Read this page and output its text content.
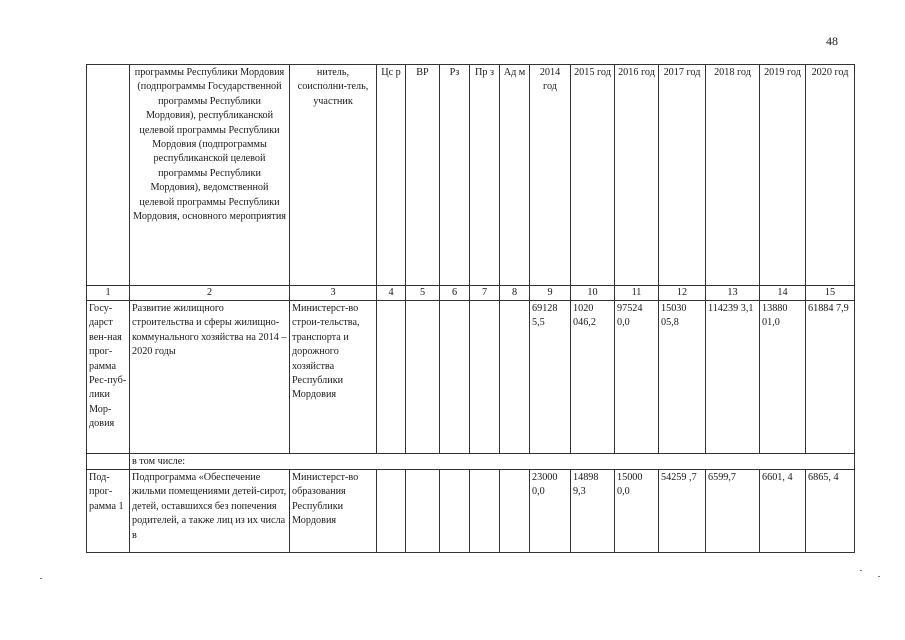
48
	программы Республики Мордовия (подпрограммы Государственной программы Республики Мордовия), республиканской целевой программы Республики Мордовия (подпрограммы республиканской целевой программы Республики Мордовия), ведомственной целевой программы Республики Мордовия, основного мероприятия	нитель, соисполни-тель, участник	Цс р	ВР	Рз	Пр з	Ад м	2014 год	2015 год	2016 год	2017 год	2018 год	2019 год	2020 год
1	2	3	4	5	6	7	8	9	10	11	12	13	14	15
Госу-дарст вен-ная прог-рамма Рес-пуб-лики Мор-довия	Развитие жилищного строительства и сферы жилищно-коммунального хозяйства на 2014 – 2020 годы	Министерст-во строи-тельства, транспорта и дорожного хозяйства Республики Мордовия						69128 5,5	1020 046,2	97524 0,0	15030 05,8	114239 3,1	13880 01,0	61884 7,9
	в том числе:													
Под-прог-рамма 1	Подпрограмма «Обеспечение жильми помещениями детей-сирот, детей, оставшихся без попечения родителей, а также лиц из их числа в	Министерст-во образования Республики Мордовия						23000 0,0	14898 9,3	15000 0,0	54259 ,7	6599,7	6601, 4	6865, 4
